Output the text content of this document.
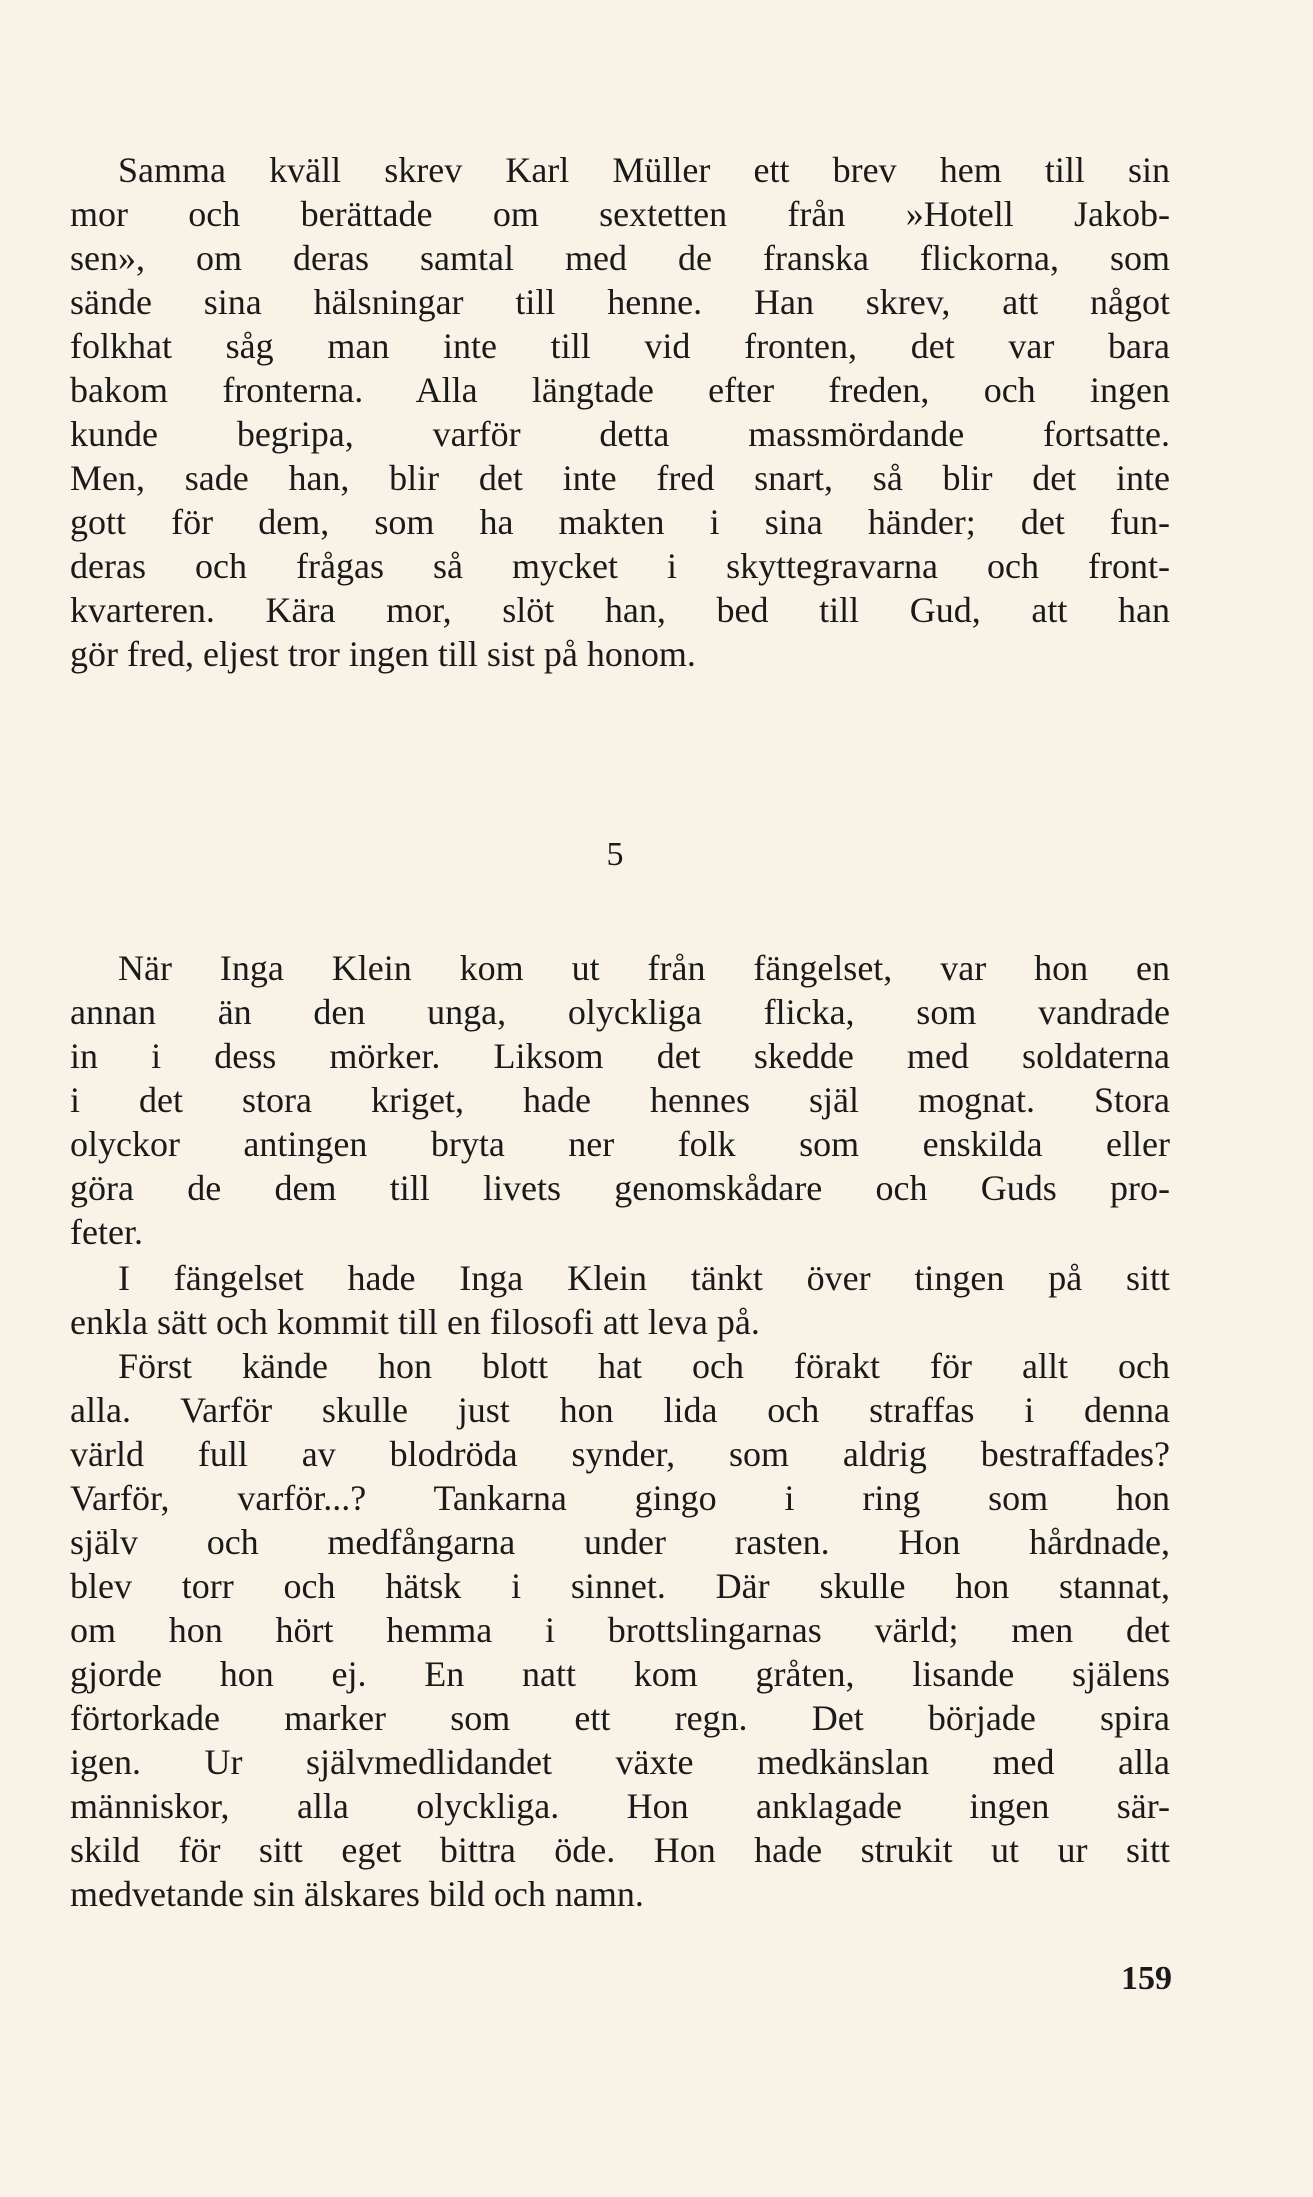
Samma kväll skrev Karl Müller ett brev hem till sin
mor och berättade om sextetten från »Hotell Jakob-
sen», om deras samtal med de franska flickorna, som
sände sina hälsningar till henne. Han skrev, att något
folkhat såg man inte till vid fronten, det var bara
bakom fronterna. Alla längtade efter freden, och ingen
kunde begripa, varför detta massmördande fortsatte.
Men, sade han, blir det inte fred snart, så blir det inte
gott för dem, som ha makten i sina händer; det fun-
deras och frågas så mycket i skyttegravarna och front-
kvarteren. Kära mor, slöt han, bed till Gud, att han
gör fred, eljest tror ingen till sist på honom.
5
När Inga Klein kom ut från fängelset, var hon en
annan än den unga, olyckliga flicka, som vandrade
in i dess mörker. Liksom det skedde med soldaterna
i det stora kriget, hade hennes själ mognat. Stora
olyckor antingen bryta ner folk som enskilda eller
göra de dem till livets genomskådare och Guds pro-
feter.
I fängelset hade Inga Klein tänkt över tingen på sitt
enkla sätt och kommit till en filosofi att leva på.
Först kände hon blott hat och förakt för allt och
alla. Varför skulle just hon lida och straffas i denna
värld full av blodröda synder, som aldrig bestraffades?
Varför, varför...? Tankarna gingo i ring som hon
själv och medfångarna under rasten. Hon hårdnade,
blev torr och hätsk i sinnet. Där skulle hon stannat,
om hon hört hemma i brottslingarnas värld; men det
gjorde hon ej. En natt kom gråten, lisande själens
förtorkade marker som ett regn. Det började spira
igen. Ur självmedlidandet växte medkänslan med alla
människor, alla olyckliga. Hon anklagade ingen sär-
skild för sitt eget bittra öde. Hon hade strukit ut ur sitt
medvetande sin älskares bild och namn.
159
